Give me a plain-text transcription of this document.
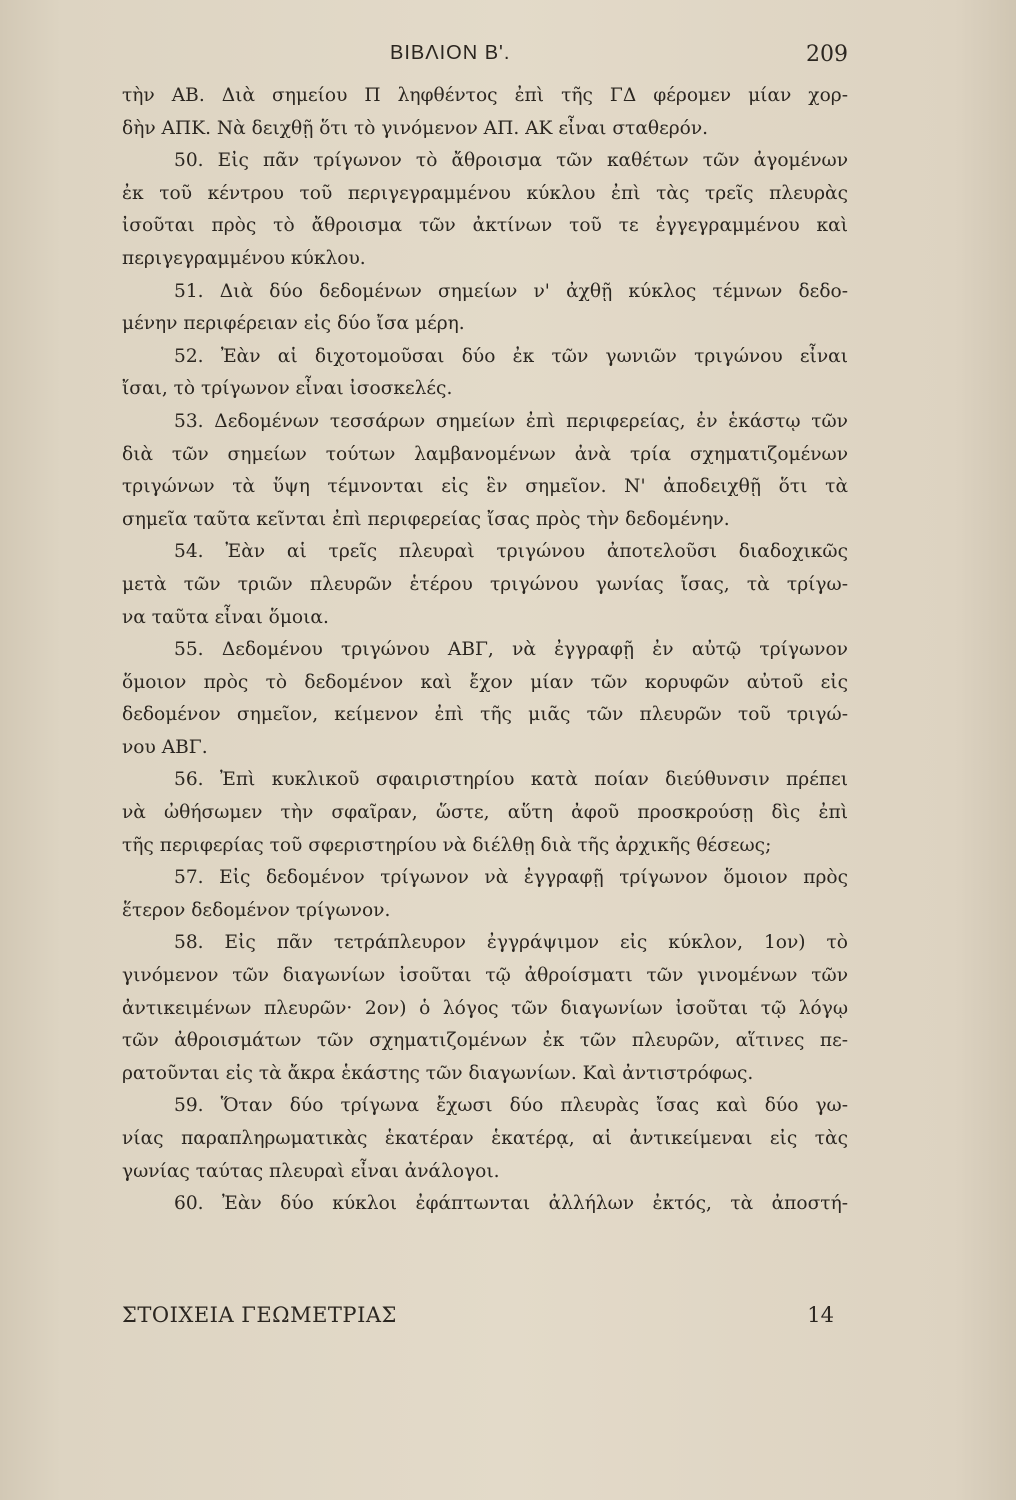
ΒΙΒΛΙΟΝ Β'.	209
τὴν ΑΒ. Διὰ σημείου Π ληφθέντος ἐπὶ τῆς ΓΔ φέρομεν μίαν χορ-
δὴν ΑΠΚ. Νὰ δειχθῇ ὅτι τὸ γινόμενον ΑΠ. ΑΚ εἶναι σταθερόν.
50. Εἰς πᾶν τρίγωνον τὸ ἄθροισμα τῶν καθέτων τῶν ἀγομένων
ἐκ τοῦ κέντρου τοῦ περιγεγραμμένου κύκλου ἐπὶ τὰς τρεῖς πλευρὰς
ἰσοῦται πρὸς τὸ ἄθροισμα τῶν ἀκτίνων τοῦ τε ἐγγεγραμμένου καὶ
περιγεγραμμένου κύκλου.
51. Διὰ δύο δεδομένων σημείων ν' ἀχθῇ κύκλος τέμνων δεδο-
μένην περιφέρειαν εἰς δύο ἴσα μέρη.
52. Ἐὰν αἱ διχοτομοῦσαι δύο ἐκ τῶν γωνιῶν τριγώνου εἶναι
ἴσαι, τὸ τρίγωνον εἶναι ἰσοσκελές.
53. Δεδομένων τεσσάρων σημείων ἐπὶ περιφερείας, ἐν ἑκάστῳ τῶν
διὰ τῶν σημείων τούτων λαμβανομένων ἀνὰ τρία σχηματιζομένων
τριγώνων τὰ ὕψη τέμνονται εἰς ἓν σημεῖον. Ν' ἀποδειχθῇ ὅτι τὰ
σημεῖα ταῦτα κεῖνται ἐπὶ περιφερείας ἴσας πρὸς τὴν δεδομένην.
54. Ἐὰν αἱ τρεῖς πλευραὶ τριγώνου ἀποτελοῦσι διαδοχικῶς
μετὰ τῶν τριῶν πλευρῶν ἑτέρου τριγώνου γωνίας ἴσας, τὰ τρίγω-
να ταῦτα εἶναι ὅμοια.
55. Δεδομένου τριγώνου ΑΒΓ, νὰ ἐγγραφῇ ἐν αὐτῷ τρίγωνον
ὅμοιον πρὸς τὸ δεδομένον καὶ ἔχον μίαν τῶν κορυφῶν αὐτοῦ εἰς
δεδομένον σημεῖον, κείμενον ἐπὶ τῆς μιᾶς τῶν πλευρῶν τοῦ τριγώ-
νου ΑΒΓ.
56. Ἐπὶ κυκλικοῦ σφαιριστηρίου κατὰ ποίαν διεύθυνσιν πρέπει
νὰ ὠθήσωμεν τὴν σφαῖραν, ὥστε, αὕτη ἀφοῦ προσκρούσῃ δὶς ἐπὶ
τῆς περιφερίας τοῦ σφεριστηρίου νὰ διέλθῃ διὰ τῆς ἀρχικῆς θέσεως;
57. Εἰς δεδομένον τρίγωνον νὰ ἐγγραφῇ τρίγωνον ὅμοιον πρὸς
ἕτερον δεδομένον τρίγωνον.
58. Εἰς πᾶν τετράπλευρον ἐγγράψιμον εἰς κύκλον, 1ον) τὸ
γινόμενον τῶν διαγωνίων ἰσοῦται τῷ ἀθροίσματι τῶν γινομένων τῶν
ἀντικειμένων πλευρῶν· 2ον) ὁ λόγος τῶν διαγωνίων ἰσοῦται τῷ λόγῳ
τῶν ἀθροισμάτων τῶν σχηματιζομένων ἐκ τῶν πλευρῶν, αἵτινες πε-
ρατοῦνται εἰς τὰ ἄκρα ἑκάστης τῶν διαγωνίων. Καὶ ἀντιστρόφως.
59. Ὅταν δύο τρίγωνα ἔχωσι δύο πλευρὰς ἴσας καὶ δύο γω-
νίας παραπληρωματικὰς ἑκατέραν ἑκατέρᾳ, αἱ ἀντικείμεναι εἰς τὰς
γωνίας ταύτας πλευραὶ εἶναι ἀνάλογοι.
60. Ἐὰν δύο κύκλοι ἐφάπτωνται ἀλλήλων ἐκτός, τὰ ἀποστή-
ΣΤΟΙΧΕΙΑ ΓΕΩΜΕΤΡΙΑΣ	14
